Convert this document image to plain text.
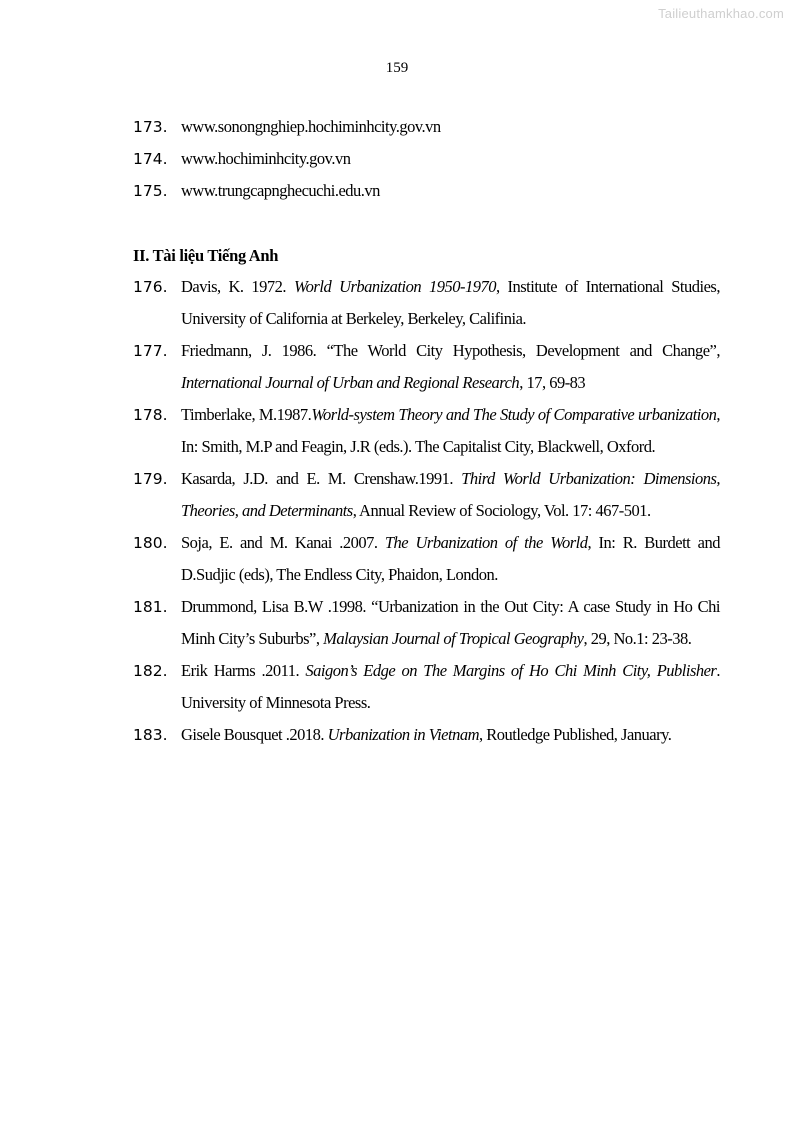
Tailieuthamkhao.com
159
173. www.sonongnghiep.hochiminhcity.gov.vn
174. www.hochiminhcity.gov.vn
175. www.trungcapnghecuchi.edu.vn
II. Tài liệu Tiếng Anh
176. Davis, K. 1972. World Urbanization 1950-1970, Institute of International Studies, University of California at Berkeley, Berkeley, Califinia.
177. Friedmann, J. 1986. “The World City Hypothesis, Development and Change”, International Journal of Urban and Regional Research, 17, 69-83
178. Timberlake, M.1987.World-system Theory and The Study of Comparative urbanization, In: Smith, M.P and Feagin, J.R (eds.). The Capitalist City, Blackwell, Oxford.
179. Kasarda, J.D. and E. M. Crenshaw.1991. Third World Urbanization: Dimensions, Theories, and Determinants, Annual Review of Sociology, Vol. 17: 467-501.
180. Soja, E. and M. Kanai .2007. The Urbanization of the World, In: R. Burdett and D.Sudjic (eds), The Endless City, Phaidon, London.
181. Drummond, Lisa B.W .1998. “Urbanization in the Out City: A case Study in Ho Chi Minh City’s Suburbs”, Malaysian Journal of Tropical Geography, 29, No.1: 23-38.
182. Erik Harms .2011. Saigon’s Edge on The Margins of Ho Chi Minh City, Publisher. University of Minnesota Press.
183. Gisele Bousquet .2018. Urbanization in Vietnam, Routledge Published, January.
